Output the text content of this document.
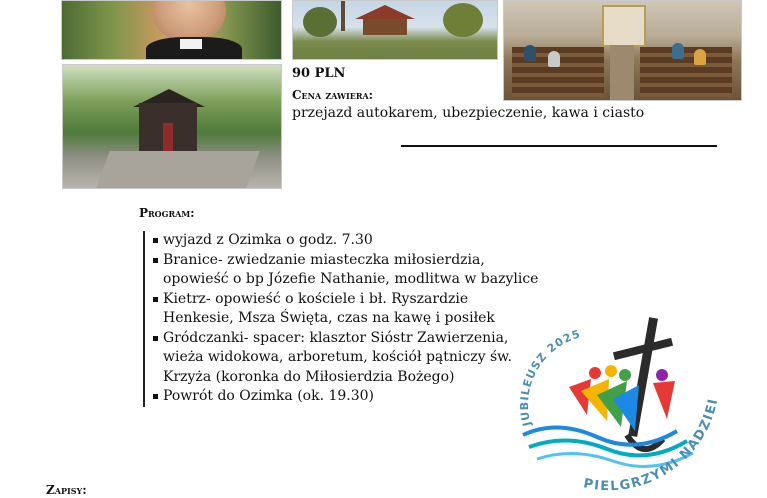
90 PLN
Cena zawiera:
przejazd autokarem, ubezpieczenie, kawa i ciasto
Program:
wyjazd z Ozimka o godz. 7.30
Branice- zwiedzanie miasteczka miłosierdzia, opowieść o bp Józefie Nathanie, modlitwa w bazylice
Kietrz- opowieść o kościele i bł. Ryszardzie Henkesie, Msza Święta, czas na kawę i posiłek
Gródczanki- spacer: klasztor Sióstr Zawierzenia, wieża widokowa, arboretum, kościół pątniczy św. Krzyża (koronka do Miłosierdzia Bożego)
Powrót do Ozimka (ok. 19.30)
Zapisy:
JUBILEUSZ 2025
PIELGRZYMI NADZIEI
